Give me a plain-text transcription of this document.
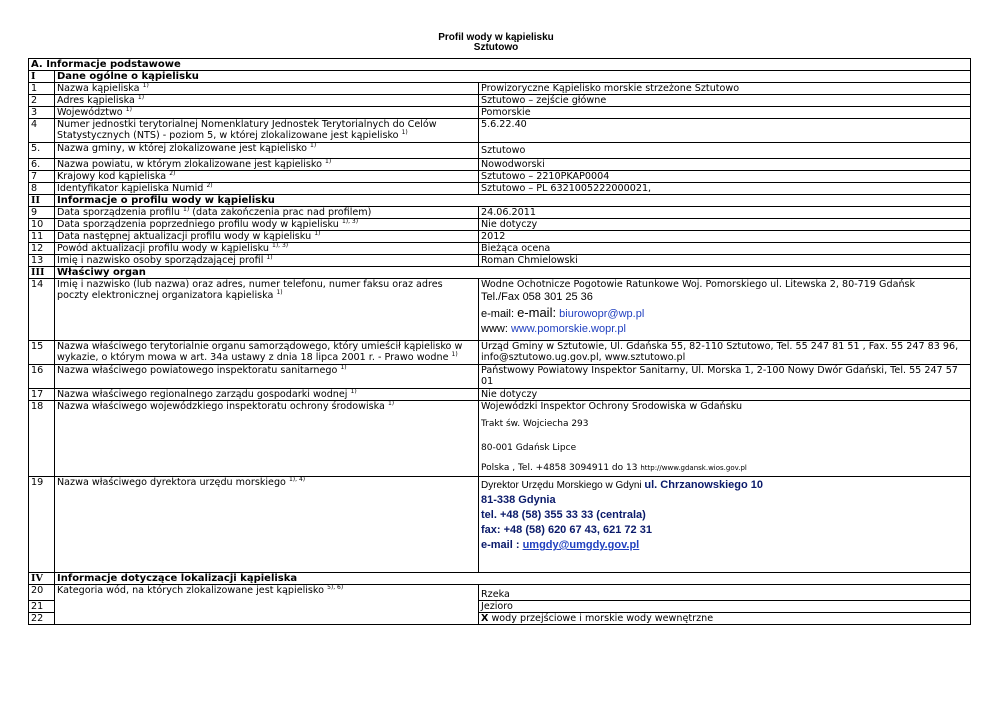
Profil wody w kąpielisku
Sztutowo
A. Informacje podstawowe		
I	Dane ogólne o kąpielisku	
1	Nazwa kąpieliska $^{1)}$	Prowizoryczne Kąpielisko morskie strzeżone Sztutowo
2	Adres kąpieliska $^{1)}$	Sztutowo – zejście główne
3	Województwo $^{1)}$	Pomorskie
4	Numer jednostki terytorialnej Nomenklatury Jednostek Terytorialnych do Celów Statystycznych (NTS) - poziom 5, w której zlokalizowane jest kąpielisko $^{1)}$	5.6.22.40
5.	Nazwa gminy, w której zlokalizowane jest kąpielisko $^{1)}$	Sztutowo
6.	Nazwa powiatu, w którym zlokalizowane jest kąpielisko $^{1)}$	Nowodworski
7	Krajowy kod kąpieliska $^{2)}$	Sztutowo – 2210PKAP0004
8	Identyfikator kąpieliska Numid $^{2)}$	Sztutowo – PL 6321005222000021,
II	Informacje o profilu wody w kąpielisku	
9	Data sporządzenia profilu $^{1)}$ (data zakończenia prac nad profilem)	24.06.2011
10	Data sporządzenia poprzedniego profilu wody w kąpielisku $^{1), 3)}$	Nie dotyczy
11	Data następnej aktualizacji profilu wody w kąpielisku $^{1)}$	2012
12	Powód aktualizacji profilu wody w kąpielisku $^{1), 3)}$	Bieżąca ocena
13	Imię i nazwisko osoby sporządzającej profil $^{1)}$	Roman Chmielowski
III	Właściwy organ	
14	Imię i nazwisko (lub nazwa) oraz adres, numer telefonu, numer faksu oraz adres poczty elektronicznej organizatora kąpieliska $^{1)}$	Wodne Ochotnicze Pogotowie Ratunkowe Woj. Pomorskiego ul. Litewska 2, 80-719 Gdańsk
Tel./Fax 058 301 25 36
e-mail: e-mail: biurowopr@wp.pl
www: www.pomorskie.wopr.pl

15	Nazwa właściwego terytorialnie organu samorządowego, który umieścił kąpielisko w wykazie, o którym mowa w art. 34a ustawy z dnia 18 lipca 2001 r. - Prawo wodne $^{1)}$	Urząd Gminy w Sztutowie, Ul. Gdańska 55, 82-110 Sztutowo, Tel. 55 247 81 51 , Fax. 55 247 83 96, info@sztutowo.ug.gov.pl, www.sztutowo.pl
16	Nazwa właściwego powiatowego inspektoratu sanitarnego $^{1)}$	Państwowy Powiatowy Inspektor Sanitarny, Ul. Morska 1, 2-100 Nowy Dwór Gdański, Tel. 55 247 57 01
17	Nazwa właściwego regionalnego zarządu gospodarki wodnej $^{1)}$	Nie dotyczy
18	Nazwa właściwego wojewódzkiego inspektoratu ochrony środowiska $^{1)}$	Wojewódzki Inspektor Ochrony Środowiska w Gdańsku
Trakt św. Wojciecha 293
80-001 Gdańsk Lipce
Polska , Tel. +4858 3094911 do 13 http://www.gdansk.wios.gov.pl

19	Nazwa właściwego dyrektora urzędu morskiego $^{1), 4)}$	Dyrektor Urzędu Morskiego w Gdyni ul. Chrzanowskiego 10
81-338 Gdynia
tel. +48 (58) 355 33 33 (centrala)
fax: +48 (58) 620 67 43, 621 72 31
e-mail : umgdy@umgdy.gov.pl

IV	Informacje dotyczące lokalizacji kąpieliska	
20	Kategoria wód, na których zlokalizowane jest kąpielisko $^{5), 6)}$	Rzeka
21		Jezioro
22		X wody przejściowe i morskie wody wewnętrzne
